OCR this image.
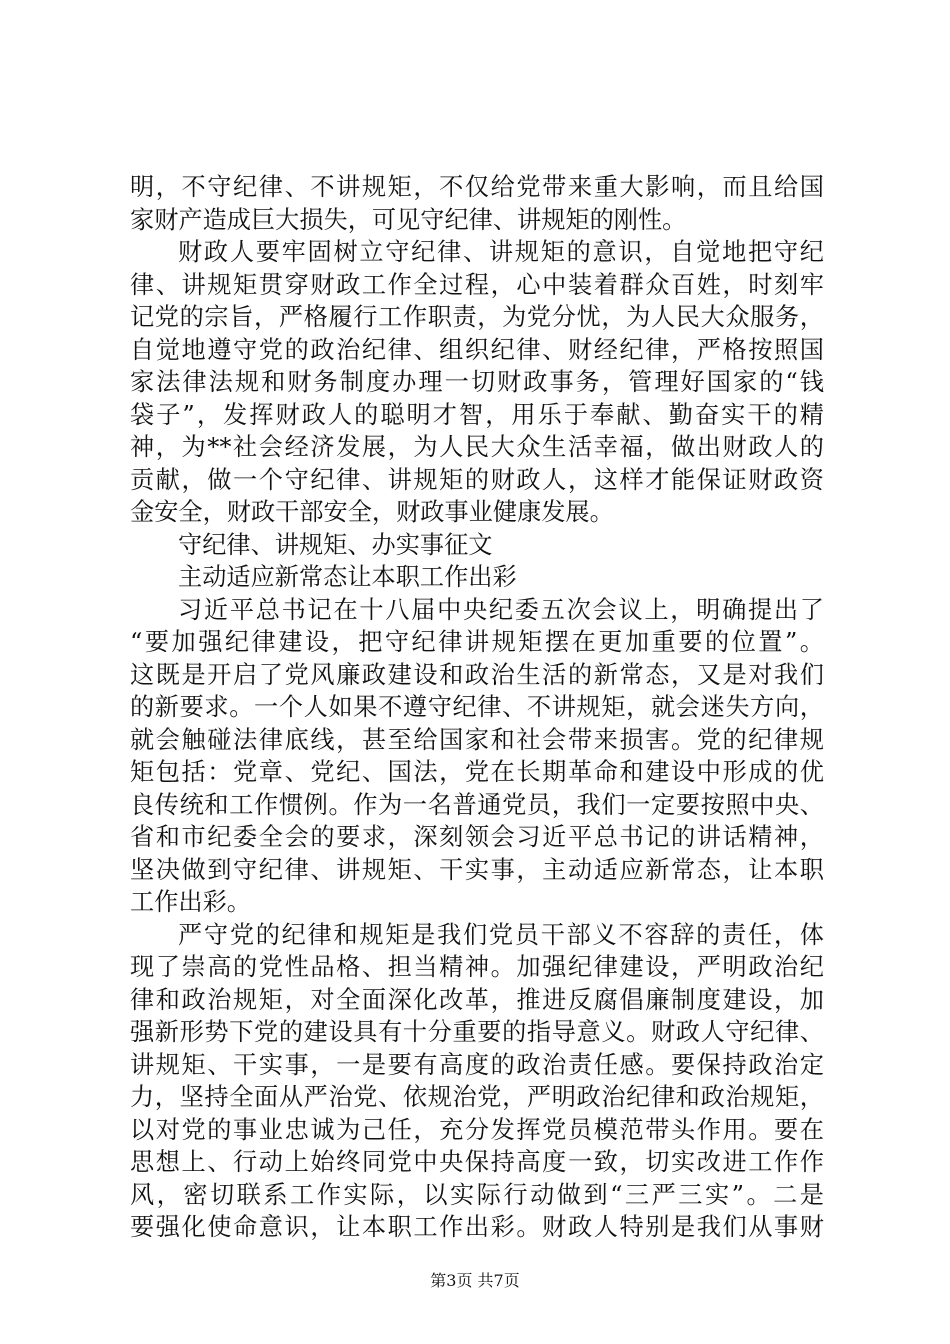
明，不守纪律、不讲规矩，不仅给党带来重大影响，而且给国
家财产造成巨大损失，可见守纪律、讲规矩的刚性。
财政人要牢固树立守纪律、讲规矩的意识，自觉地把守纪
律、讲规矩贯穿财政工作全过程，心中装着群众百姓，时刻牢
记党的宗旨，严格履行工作职责，为党分忧，为人民大众服务，
自觉地遵守党的政治纪律、组织纪律、财经纪律，严格按照国
家法律法规和财务制度办理一切财政事务，管理好国家的“钱
袋子”，发挥财政人的聪明才智，用乐于奉献、勤奋实干的精
神，为**社会经济发展，为人民大众生活幸福，做出财政人的
贡献，做一个守纪律、讲规矩的财政人，这样才能保证财政资
金安全，财政干部安全，财政事业健康发展。
守纪律、讲规矩、办实事征文
主动适应新常态让本职工作出彩
习近平总书记在十八届中央纪委五次会议上，明确提出了
“要加强纪律建设，把守纪律讲规矩摆在更加重要的位置”。
这既是开启了党风廉政建设和政治生活的新常态，又是对我们
的新要求。一个人如果不遵守纪律、不讲规矩，就会迷失方向，
就会触碰法律底线，甚至给国家和社会带来损害。党的纪律规
矩包括：党章、党纪、国法，党在长期革命和建设中形成的优
良传统和工作惯例。作为一名普通党员，我们一定要按照中央、
省和市纪委全会的要求，深刻领会习近平总书记的讲话精神，
坚决做到守纪律、讲规矩、干实事，主动适应新常态，让本职
工作出彩。
严守党的纪律和规矩是我们党员干部义不容辞的责任，体
现了崇高的党性品格、担当精神。加强纪律建设，严明政治纪
律和政治规矩，对全面深化改革，推进反腐倡廉制度建设，加
强新形势下党的建设具有十分重要的指导意义。财政人守纪律、
讲规矩、干实事，一是要有高度的政治责任感。要保持政治定
力，坚持全面从严治党、依规治党，严明政治纪律和政治规矩，
以对党的事业忠诚为己任，充分发挥党员模范带头作用。要在
思想上、行动上始终同党中央保持高度一致，切实改进工作作
风，密切联系工作实际，以实际行动做到“三严三实”。二是
要强化使命意识，让本职工作出彩。财政人特别是我们从事财
第3页 共7页
